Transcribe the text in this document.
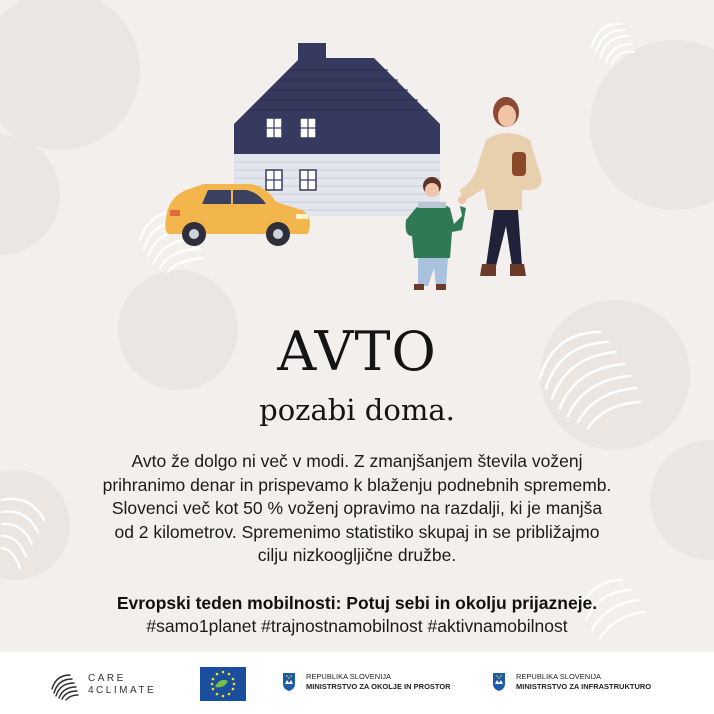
AVTO
pozabi doma.
Avto že dolgo ni več v modi. Z zmanjšanjem števila voženj
prihranimo denar in prispevamo k blaženju podnebnih sprememb.
Slovenci več kot 50 % voženj opravimo na razdalji, ki je manjša
od 2 kilometrov. Spremenimo statistiko skupaj in se približajmo
cilju nizkoogljične družbe.
Evropski teden mobilnosti: Potuj sebi in okolju prijazneje.
#samo1planet #trajnostnamobilnost #aktivnamobilnost
CARE
4CLIMATE
REPUBLIKA SLOVENIJA
MINISTRSTVO ZA OKOLJE IN PROSTOR
REPUBLIKA SLOVENIJA
MINISTRSTVO ZA INFRASTRUKTURO
